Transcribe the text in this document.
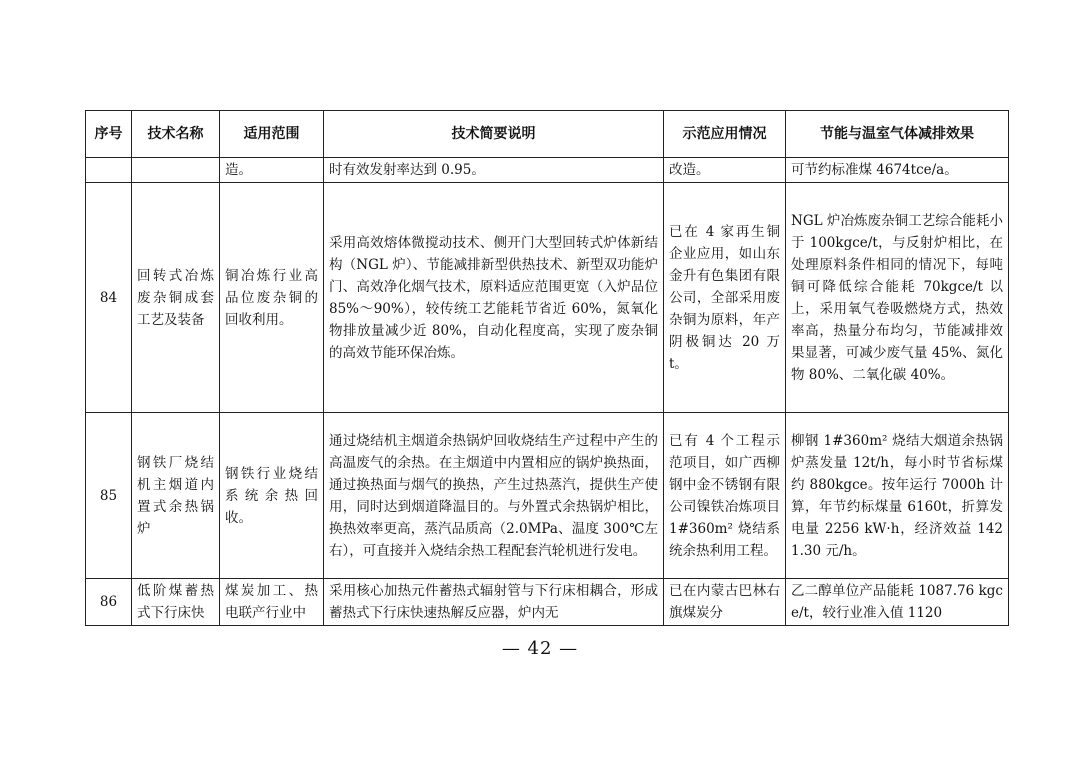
序号	技术名称	适用范围	技术简要说明	示范应用情况	节能与温室气体减排效果
		造。	时有效发射率达到 0.95。	改造。	可节约标准煤 4674tce/a。
84	回转式冶炼废杂铜成套工艺及装备	铜冶炼行业高品位废杂铜的回收利用。	采用高效熔体微搅动技术、侧开门大型回转式炉体新结构（NGL 炉）、节能减排新型供热技术、新型双功能炉门、高效净化烟气技术，原料适应范围更宽（入炉品位 85%～90%），较传统工艺能耗节省近 60%，氮氧化物排放量减少近 80%，自动化程度高，实现了废杂铜的高效节能环保冶炼。	已在 4 家再生铜企业应用，如山东金升有色集团有限公司，全部采用废杂铜为原料，年产阴极铜达 20 万 t。	NGL 炉冶炼废杂铜工艺综合能耗小于 100kgce/t，与反射炉相比，在处理原料条件相同的情况下，每吨铜可降低综合能耗 70kgce/t 以上，采用氧气卷吸燃烧方式，热效率高，热量分布均匀，节能减排效果显著，可减少废气量 45%、氮化物 80%、二氧化碳 40%。
85	钢铁厂烧结机主烟道内置式余热锅炉	钢铁行业烧结系统余热回收。	通过烧结机主烟道余热锅炉回收烧结生产过程中产生的高温废气的余热。在主烟道中内置相应的锅炉换热面，通过换热面与烟气的换热，产生过热蒸汽，提供生产使用，同时达到烟道降温目的。与外置式余热锅炉相比，换热效率更高，蒸汽品质高（2.0MPa、温度 300℃左右），可直接并入烧结余热工程配套汽轮机进行发电。	已有 4 个工程示范项目，如广西柳钢中金不锈钢有限公司镍铁冶炼项目 1#360m² 烧结系统余热利用工程。	柳钢 1#360m² 烧结大烟道余热锅炉蒸发量 12t/h，每小时节省标煤约 880kgce。按年运行 7000h 计算，年节约标煤量 6160t，折算发电量 2256 kW·h，经济效益 1421.30 元/h。
86	低阶煤蓄热式下行床快	煤炭加工、热电联产行业中	采用核心加热元件蓄热式辐射管与下行床相耦合，形成蓄热式下行床快速热解反应器，炉内无	已在内蒙古巴林右旗煤炭分	乙二醇单位产品能耗 1087.76 kgce/t，较行业准入值 1120
— 42 —
